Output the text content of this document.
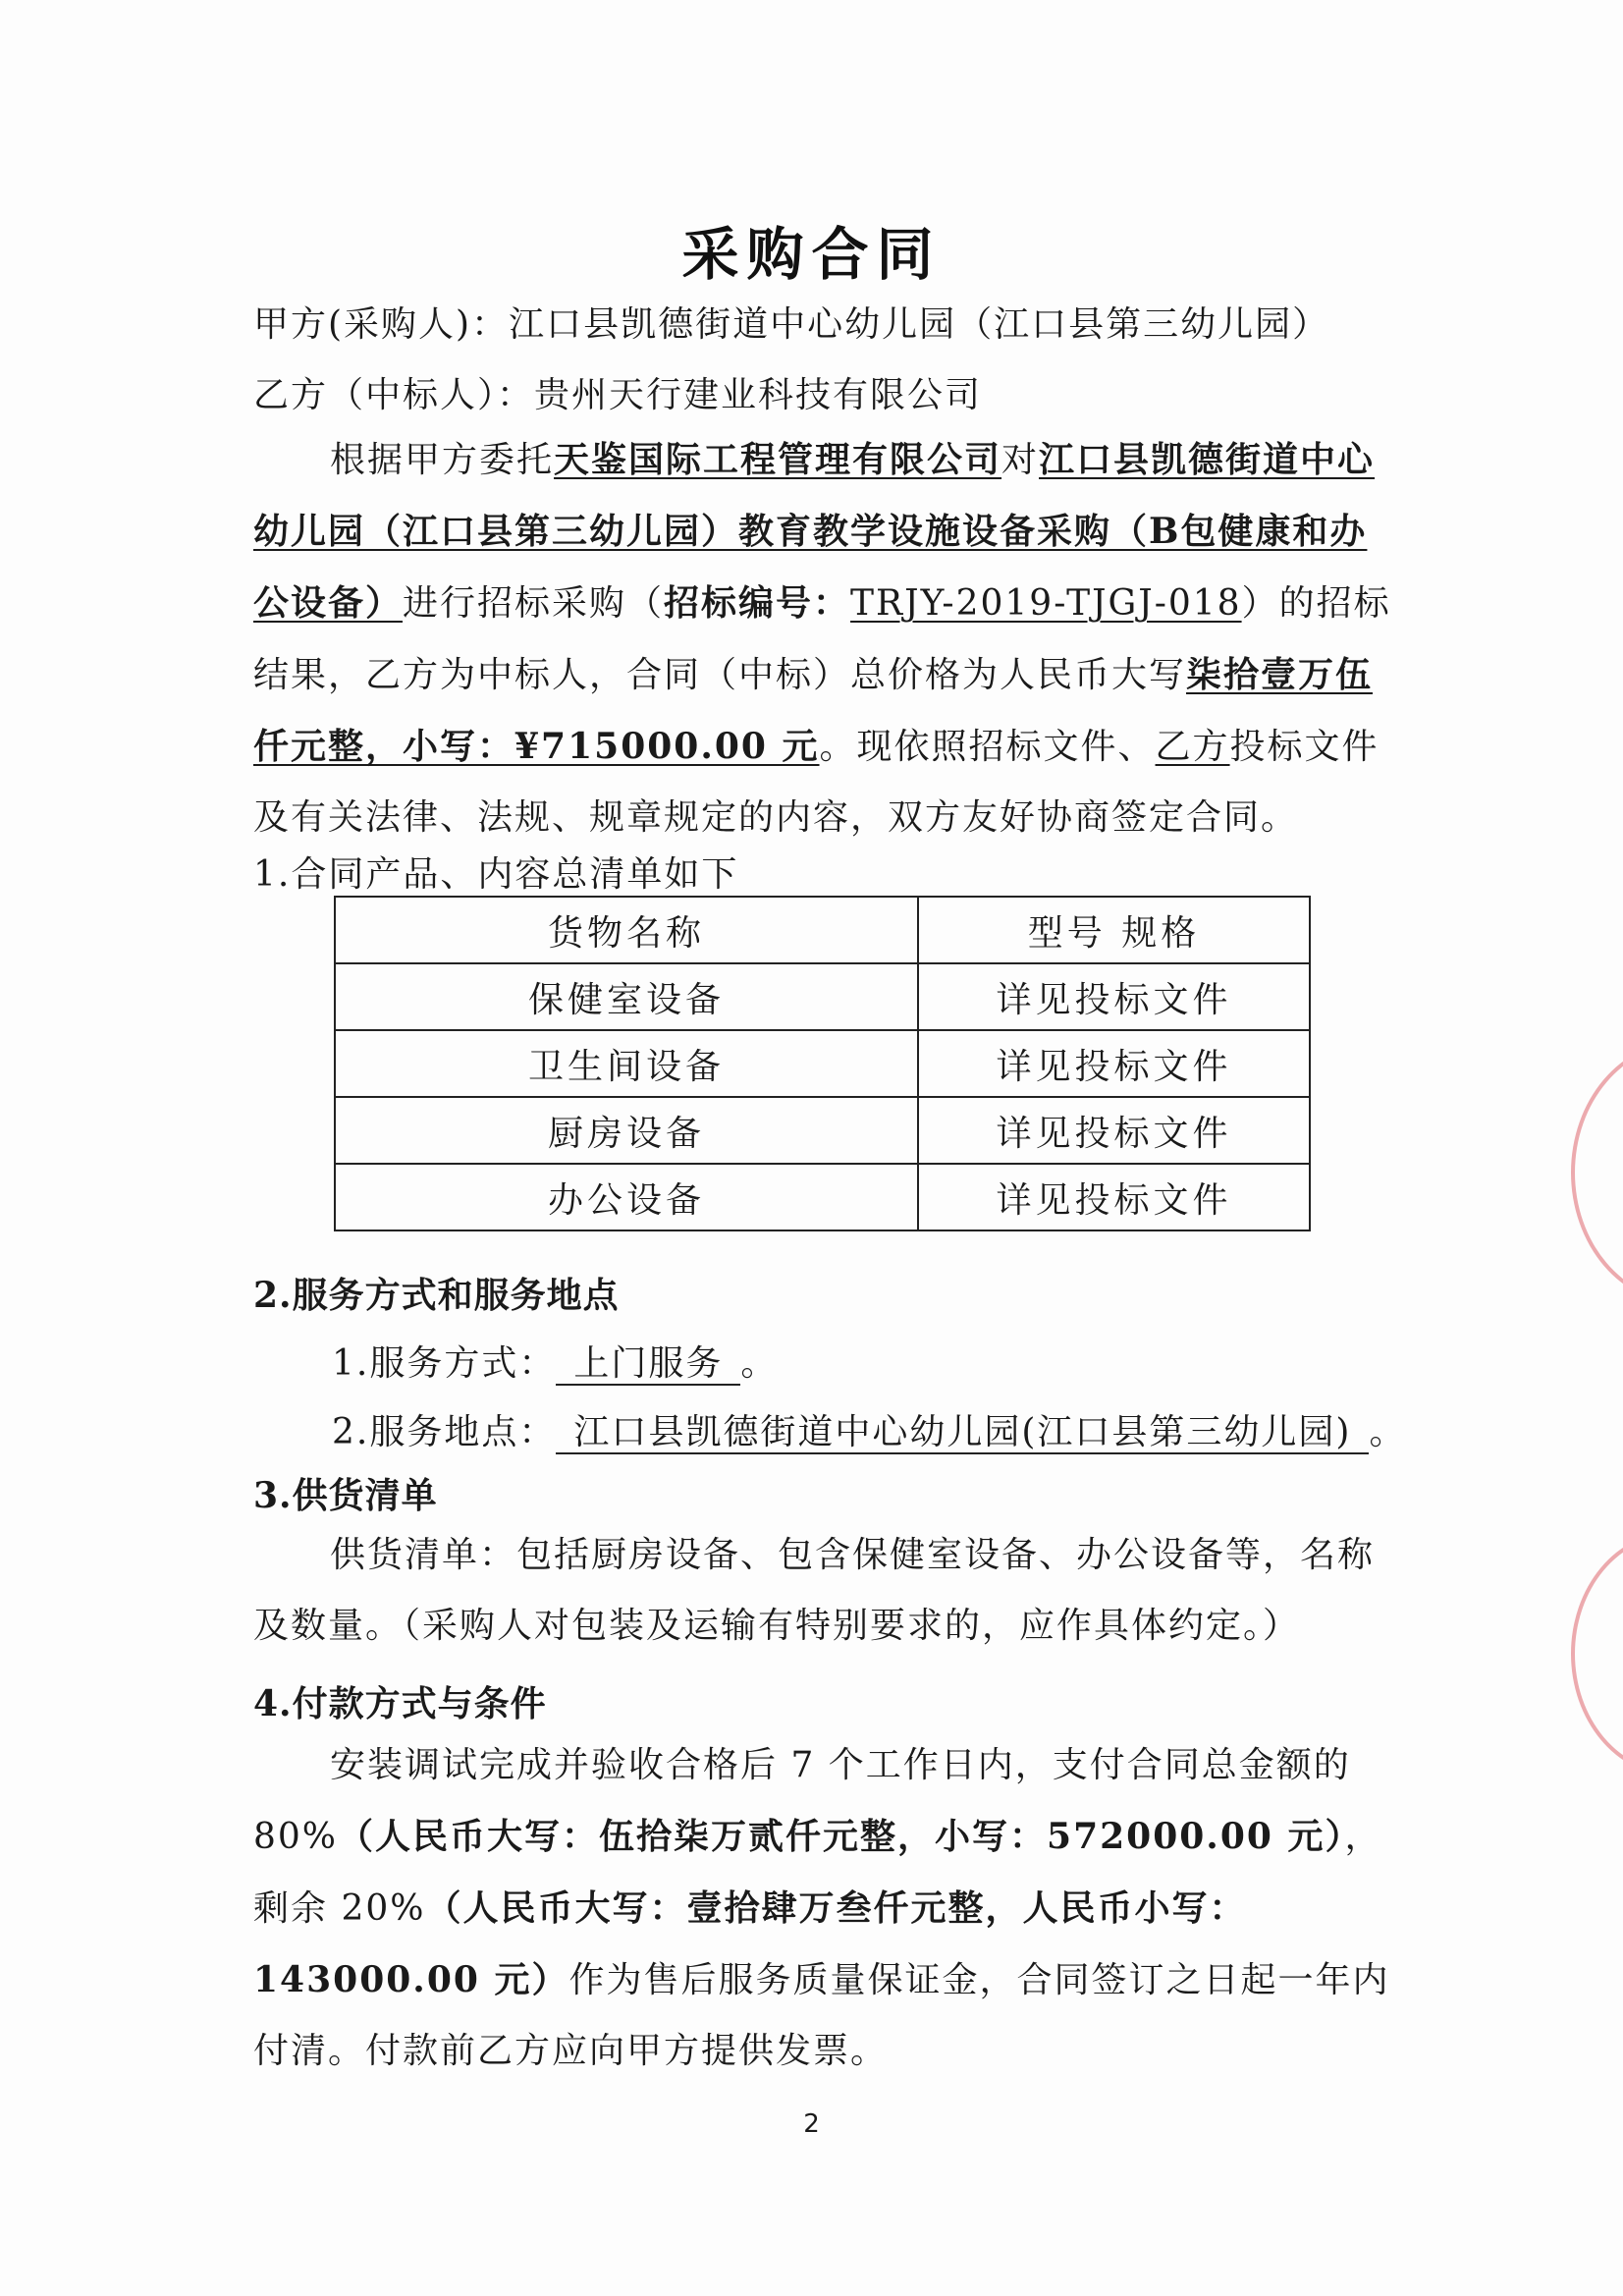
采购合同
甲方(采购人)：江口县凯德街道中心幼儿园（江口县第三幼儿园）
乙方（中标人）：贵州天行建业科技有限公司
根据甲方委托天鉴国际工程管理有限公司对江口县凯德街道中心幼儿园（江口县第三幼儿园）教育教学设施设备采购（B包健康和办公设备）进行招标采购（招标编号：TRJY-2019-TJGJ-018）的招标结果，乙方为中标人，合同（中标）总价格为人民币大写柒拾壹万伍仟元整，小写：¥715000.00 元。现依照招标文件、乙方投标文件及有关法律、法规、规章规定的内容，双方友好协商签定合同。
1.合同产品、内容总清单如下
货物名称	型号 规格
保健室设备	详见投标文件
卫生间设备	详见投标文件
厨房设备	详见投标文件
办公设备	详见投标文件
2.服务方式和服务地点
1.服务方式： 上门服务 。
2.服务地点： 江口县凯德街道中心幼儿园(江口县第三幼儿园) 。
3.供货清单
供货清单：包括厨房设备、包含保健室设备、办公设备等，名称及数量。（采购人对包装及运输有特别要求的，应作具体约定。）
4.付款方式与条件
安装调试完成并验收合格后 7 个工作日内，支付合同总金额的 80%（人民币大写：伍拾柒万贰仟元整，小写：572000.00 元），剩余 20%（人民币大写：壹拾肆万叁仟元整，人民币小写：143000.00 元）作为售后服务质量保证金，合同签订之日起一年内付清。付款前乙方应向甲方提供发票。
2
